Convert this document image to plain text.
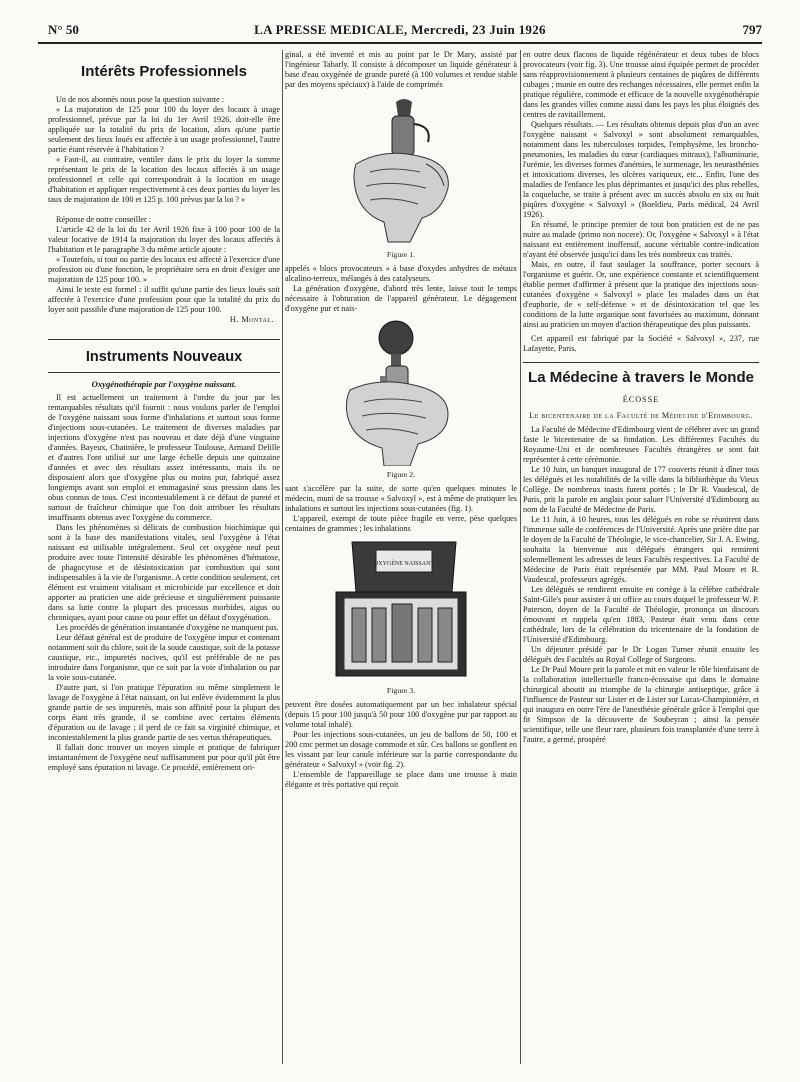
N° 50	LA PRESSE MEDICALE, Mercredi, 23 Juin 1926	797
Intérêts Professionnels

Un de nos abonnés nous pose la question suivante :

« La majoration de 125 pour 100 du loyer des locaux à usage professionnel, prévue par la loi du 1er Avril 1926, doit-elle être appliquée sur la totalité du prix de location, alors qu'une partie seulement des lieux loués est affectée à un usage professionnel, l'autre partie étant réservée à l'habitation ?

« Faut-il, au contraire, ventiler dans le prix du loyer la somme représentant le prix de la location des locaux affectés à un usage professionnel et celle qui correspondrait à la location en usage d'habitation et appliquer respectivement à ces deux parties du loyer les taux de majoration de 100 et 125 p. 100 prévus par la loi ? »

Réponse de notre conseiller :

L'article 42 de la loi du 1er Avril 1926 fixe à 100 pour 100 de la valeur locative de 1914 la majoration du loyer des locaux affectés à l'habitation et le paragraphe 3 du même article ajoute :

« Toutefois, si tout ou partie des locaux est affecté à l'exercice d'une profession ou d'une fonction, le propriétaire sera en droit d'exiger une majoration de 125 pour 100. »

Ainsi le texte est formel : il suffit qu'une partie des lieux loués soit affectée à l'exercice d'une profession pour que la totalité du prix du loyer soit passible d'une majoration de 125 pour 100.

H. Montal.
Instruments Nouveaux
Oxygénothérapie par l'oxygène naissant.

Il est actuellement un traitement à l'ordre du jour par les remarquables résultats qu'il fournit : nous voulons parler de l'emploi de l'oxygène naissant sous forme d'inhalations et surtout sous forme d'injections sous-cutanées. Le traitement de diverses maladies par injections d'oxygène n'est pas nouveau et date déjà d'une vingtaine d'années. Bayeux, Chatinière, le professeur Toulouse, Armand Delille et d'autres l'ont utilisé sur une large échelle depuis une quinzaine d'années et avec des résultats assez intéressants, mais ils ne disposaient alors que d'oxygène plus ou moins pur, fabriqué assez longtemps avant son emploi et emmagasiné sous pression dans les obus connus de tous. C'est incontestablement à ce défaut de pureté et surtout de fraîcheur chimique que l'on doit attribuer les résultats insuffisants obtenus avec l'oxygène du commerce.

Dans les phénomènes si délicats de combustion biochimique qui sont à la base des manifestations vitales, seul l'oxygène à l'état naissant est utilisable intégralement. Seul cet oxygène neuf peut produire avec toute l'intensité désirable les phénomènes d'hématose, de phagocytose et de désintoxication par combustion qui sont indispensables à la vie de l'organisme. A cette condition seulement, cet élément est vraiment vitalisant et microbicide par excellence et doit apporter au praticien une aide précieuse et singulièrement puissante dans sa lutte contre la plupart des processus morbides, aigus ou chroniques, ayant pour cause ou pour effet un défaut d'oxygénation.

Les procédés de génération instantanée d'oxygène ne manquent pas.

Leur défaut général est de produire de l'oxygène impur et contenant notamment soit du chlore, soit de la soude caustique, soit de la potasse caustique, etc., impuretés nocives, qu'il est préférable de ne pas introduire dans l'organisme, que ce soit par la voie d'inhalation ou par la voie sous-cutanée.

D'autre part, si l'on pratique l'épuration ou même simplement le lavage de l'oxygène à l'état naissant, on lui enlève évidemment la plus grande partie de ses impuretés, mais son affinité pour la plupart des corps étant très grande, il se combine avec certains éléments d'épuration ou de lavage ; il perd de ce fait sa virginité chimique, et incontestablement la plus grande partie de ses vertus thérapeutiques.

Il fallait donc trouver un moyen simple et pratique de fabriquer instantanément de l'oxygène neuf suffisamment pur pour qu'il pût être employé sans épuration ni lavage. Ce procédé, entièrement ori-

ginal, a été inventé et mis au point par le Dr Mary, assisté par l'ingénieur Tabarly. Il consiste à décomposer un liquide générateur à base d'eau oxygénée de grande pureté (à 100 volumes et rendue stable par des moyens spéciaux) à l'aide de comprimés

Figure 1.

appelés « blocs provocateurs » à base d'oxydes anhydres de métaux alcalino-terreux, mélangés à des catalyseurs.

La génération d'oxygène, d'abord très lente, laisse tout le temps nécessaire à l'obturation de l'appareil générateur. Le dégagement d'oxygène pur et nais-

Figure 2.

sant s'accélère par la suite, de sorte qu'en quelques minutes le médecin, muni de sa trousse « Salvoxyl », est à même de pratiquer les inhalations et surtout les injections sous-cutanées (fig. 1).

L'appareil, exempt de toute pièce fragile en verre, pèse quelques centaines de grammes ; les inhalations

OXYGÈNE NAISSANT
Figure 3.

peuvent être dosées automatiquement par un bec inhalateur spécial (depuis 15 pour 100 jusqu'à 50 pour 100 d'oxygène pur par rapport au volume total inhalé).

Pour les injections sous-cutanées, un jeu de ballons de 50, 100 et 200 cmc permet un dosage commode et sûr. Ces ballons se gonflent en les vissant par leur canule inférieure sur la partie correspondante du générateur « Salvoxyl » (voir fig. 2).

L'ensemble de l'appareillage se place dans une trousse à main élégante et très portative qui reçoit

en outre deux flacons de liquide régénérateur et deux tubes de blocs provocateurs (voir fig. 3). Une trousse ainsi équipée permet de procéder sans réapprovisionnement à plusieurs centaines de piqûres de différents cubages ; munie en outre des rechanges nécessaires, elle permet enfin la pratique régulière, commode et efficace de la nouvelle oxygénothérapie dans les grandes villes comme aussi dans les pays les plus éloignés des centres de ravitaillement.

Quelques résultats. — Les résultats obtenus depuis plus d'un an avec l'oxygène naissant « Salvoxyl » sont absolument remarquables, notamment dans les tuberculoses torpides, l'emphysème, les broncho-pneumonies, les maladies du cœur (cardiaques mitraux), l'albuminurie, l'urémie, les diverses formes d'anémies, le surmenage, les neurasthénies et intoxications diverses, les ulcères variqueux, etc... Enfin, l'une des maladies de l'enfance les plus déprimantes et jusqu'ici des plus rebelles, la coqueluche, se traite à présent avec un succès absolu en six ou huit piqûres d'oxygène « Salvoxyl » (Boeldieu, Paris médical, 24 Avril 1926).

En résumé, le principe premier de tout bon praticien est de ne pas nuire au malade (primo non nocere). Or, l'oxygène « Salvoxyl » à l'état naissant est entièrement inoffensif, aucune véritable contre-indication n'ayant été observée jusqu'ici dans les très nombreux cas traités.

Mais, en outre, il faut soulager la souffrance, porter secours à l'organisme et guérir. Or, une expérience constante et scientifiquement établie permet d'affirmer à présent que la pratique des injections sous-cutanées d'oxygène « Salvoxyl » place les malades dans un état d'euphorie, de « self-défense » et de désintoxication tel que les conditions de la lutte organique sont favorisées au maximum, donnant ainsi au praticien un moyen d'action thérapeutique des plus puissants.

Cet appareil est fabriqué par la Société « Salvoxyl », 237, rue Lafayette, Paris.

La Médecine à travers le Monde

ÉCOSSE

Le bicentenaire de la Faculté de Médecine d'Edimbourg.

La Faculté de Médecine d'Edimbourg vient de célébrer avec un grand faste le bicentenaire de sa fondation. Les différentes Facultés du Royaume-Uni et de nombreuses Facultés étrangères se sont fait représenter à cette cérémonie.

Le 10 Juin, un banquet inaugural de 177 couverts réunit à dîner tous les délégués et les notabilités de la ville dans la bibliothèque du Vieux Collège. De nombreux toasts furent portés ; le Dr R. Vaudescal, de Paris, prit la parole en anglais pour saluer l'Université d'Edimbourg au nom de la Faculté de Médecine de Paris.

Le 11 Juin, à 10 heures, tous les délégués en robe se réunirent dans l'immense salle de conférences de l'Université. Après une prière dite par le doyen de la Faculté de Théologie, le vice-chancelier, Sir J. A. Ewing, souhaita la bienvenue aux délégués étrangers qui remirent solennellement les adresses de leurs Facultés respectives. La Faculté de Médecine de Paris était représentée par MM. Paul Moure et R. Vaudescal, professeurs agrégés.

Les délégués se rendirent ensuite en cortège à la célèbre cathédrale Saint-Gile's pour assister à un office au cours duquel le professeur W. P. Paterson, doyen de la Faculté de Théologie, prononça un discours émouvant et rappela qu'en 1883, Pasteur était venu dans cette cathédrale, lors de la célébration du tricentenaire de la fondation de l'Université d'Edimbourg.

Un déjeuner présidé par le Dr Logan Turner réunit ensuite les délégués des Facultés au Royal College of Surgeons.

Le Dr Paul Moure prit la parole et mit en valeur le rôle bienfaisant de la collaboration intellectuelle franco-écossaise qui dans le domaine chirurgical aboutit au triomphe de la chirurgie antiseptique, grâce à l'influence de Pasteur sur Lister et de Lister sur Lucas-Championière, et qui inaugura en outre l'ère de l'anesthésie générale grâce à l'emploi que fit Simpson de la découverte de Soubeyran ; ainsi la pensée scientifique, telle une fleur rare, plusieurs fois transplantée d'une terre à l'autre, a germé, prospéré
